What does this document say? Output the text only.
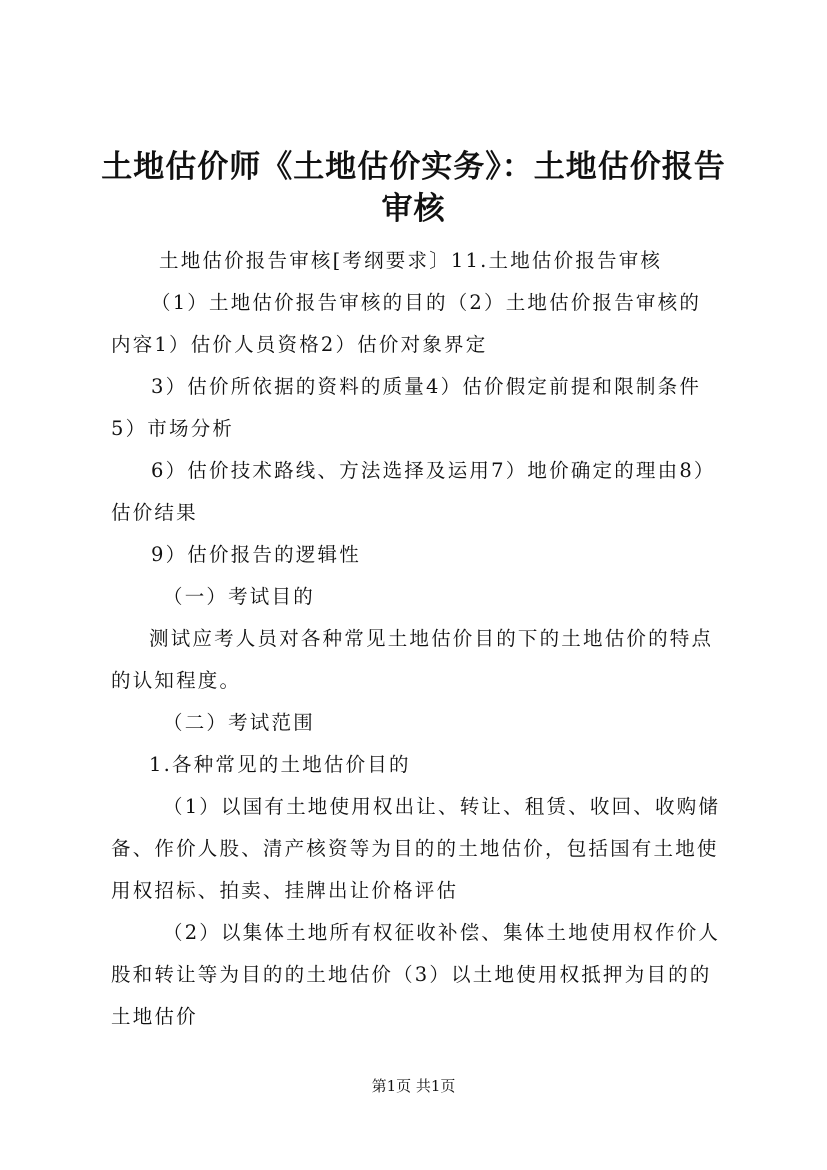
土地估价师《土地估价实务》：土地估价报告
审核

土地估价报告审核[考纲要求〕11.土地估价报告审核

（1）土地估价报告审核的目的（2）土地估价报告审核的内容1）估价人员资格2）估价对象界定

3）估价所依据的资料的质量4）估价假定前提和限制条件5）市场分析

6）估价技术路线、方法选择及运用7）地价确定的理由8）估价结果

9）估价报告的逻辑性

（一）考试目的

测试应考人员对各种常见土地估价目的下的土地估价的特点的认知程度。

（二）考试范围

1.各种常见的土地估价目的

（1）以国有土地使用权出让、转让、租赁、收回、收购储备、作价人股、清产核资等为目的的土地估价，包括国有土地使用权招标、拍卖、挂牌出让价格评估

（2）以集体土地所有权征收补偿、集体土地使用权作价人股和转让等为目的的土地估价（3）以土地使用权抵押为目的的土地估价

第1页 共1页
